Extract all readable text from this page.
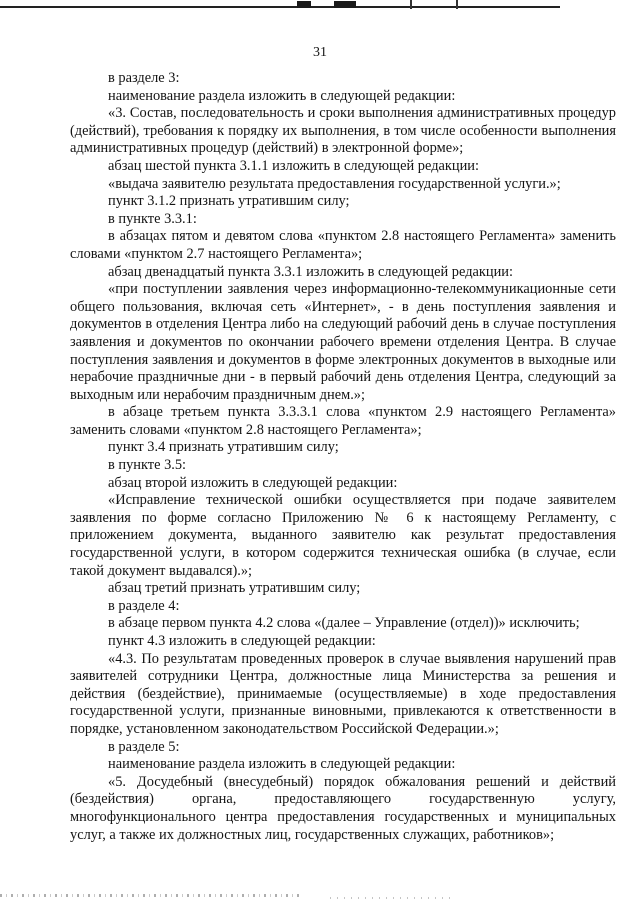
31

в разделе 3:

наименование раздела изложить в следующей редакции:

«3. Состав, последовательность и сроки выполнения административных процедур (действий), требования к порядку их выполнения, в том числе особенности выполнения административных процедур (действий) в электронной форме»;

абзац шестой пункта 3.1.1 изложить в следующей редакции:

«выдача заявителю результата предоставления государственной услуги.»;

пункт 3.1.2 признать утратившим силу;

в пункте 3.3.1:

в абзацах пятом и девятом слова «пунктом 2.8 настоящего Регламента» заменить словами «пунктом 2.7 настоящего Регламента»;

абзац двенадцатый пункта 3.3.1 изложить в следующей редакции:

«при поступлении заявления через информационно-телекоммуникационные сети общего пользования, включая сеть «Интернет», - в день поступления заявления и документов в отделения Центра либо на следующий рабочий день в случае поступления заявления и документов по окончании рабочего времени отделения Центра. В случае поступления заявления и документов в форме электронных документов в выходные или нерабочие праздничные дни - в первый рабочий день отделения Центра, следующий за выходным или нерабочим праздничным днем.»;

в абзаце третьем пункта 3.3.3.1 слова «пунктом 2.9 настоящего Регламента» заменить словами «пунктом 2.8 настоящего Регламента»;

пункт 3.4 признать утратившим силу;

в пункте 3.5:

абзац второй изложить в следующей редакции:

«Исправление технической ошибки осуществляется при подаче заявителем заявления по форме согласно Приложению № 6 к настоящему Регламенту, с приложением документа, выданного заявителю как результат предоставления государственной услуги, в котором содержится техническая ошибка (в случае, если такой документ выдавался).»;

абзац третий признать утратившим силу;

в разделе 4:

в абзаце первом пункта 4.2 слова «(далее – Управление (отдел))» исключить;

пункт 4.3 изложить в следующей редакции:

«4.3. По результатам проведенных проверок в случае выявления нарушений прав заявителей сотрудники Центра, должностные лица Министерства за решения и действия (бездействие), принимаемые (осуществляемые) в ходе предоставления государственной услуги, признанные виновными, привлекаются к ответственности в порядке, установленном законодательством Российской Федерации.»;

в разделе 5:

наименование раздела изложить в следующей редакции:

«5. Досудебный (внесудебный) порядок обжалования решений и действий (бездействия) органа, предоставляющего государственную услугу, многофункционального центра предоставления государственных и муниципальных услуг, а также их должностных лиц, государственных служащих, работников»;
